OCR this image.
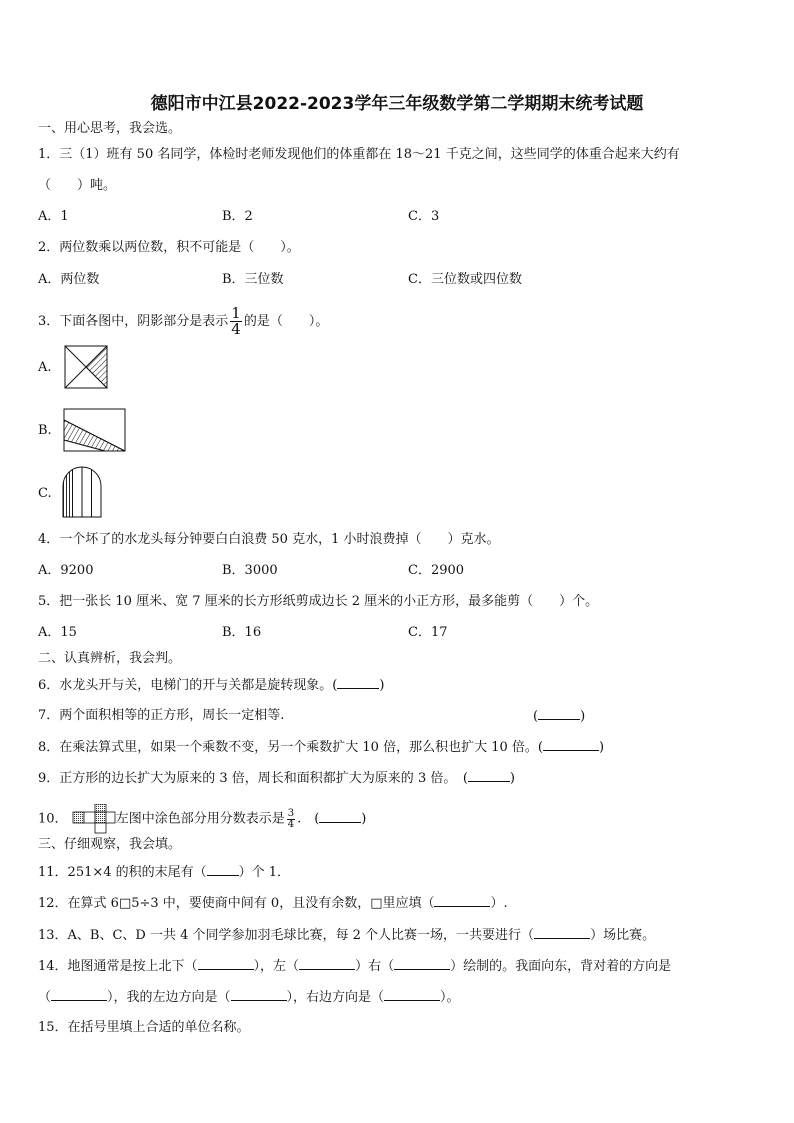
德阳市中江县2022-2023学年三年级数学第二学期期末统考试题
一、用心思考，我会选。
1．三（1）班有 50 名同学，体检时老师发现他们的体重都在 18～21 千克之间，这些同学的体重合起来大约有
（　　）吨。
A．1	B．2	C．3
2．两位数乘以两位数，积不可能是（　　）。
A．两位数	B．三位数	C．三位数或四位数
3．下面各图中，阴影部分是表示 $\frac{1}{4}$ 的是（　　）。
A.
B.
C.
4．一个坏了的水龙头每分钟要白白浪费 50 克水，1 小时浪费掉（　　）克水。
A．9200	B．3000	C．2900
5．把一张长 10 厘米、宽 7 厘米的长方形纸剪成边长 2 厘米的小正方形，最多能剪（　　）个。
A．15	B．16	C．17
二、认真辨析，我会判。
6．水龙头开与关，电梯门的开与关都是旋转现象。(	)
7．两个面积相等的正方形，周长一定相等.	(	)
8．在乘法算式里，如果一个乘数不变，另一个乘数扩大 10 倍，那么积也扩大 10 倍。(	)
9．正方形的边长扩大为原来的 3 倍，周长和面积都扩大为原来的 3 倍。　(	)
10．	左图中涂色部分用分数表示是 $\frac{3}{4}$ .　(	)
三、仔细观察，我会填。
11．251×4 的积的末尾有（ ）个 1．
12．在算式 6□5÷3 中，要使商中间有 0，且没有余数，□里应填（	）.
13．A、B、C、D 一共 4 个同学参加羽毛球比赛，每 2 个人比赛一场，一共要进行（	）场比赛。
14．地图通常是按上北下（	），左（	）右（	）绘制的。我面向东，背对着的方向是
（	），我的左边方向是（	），右边方向是（	）。
15．在括号里填上合适的单位名称。
